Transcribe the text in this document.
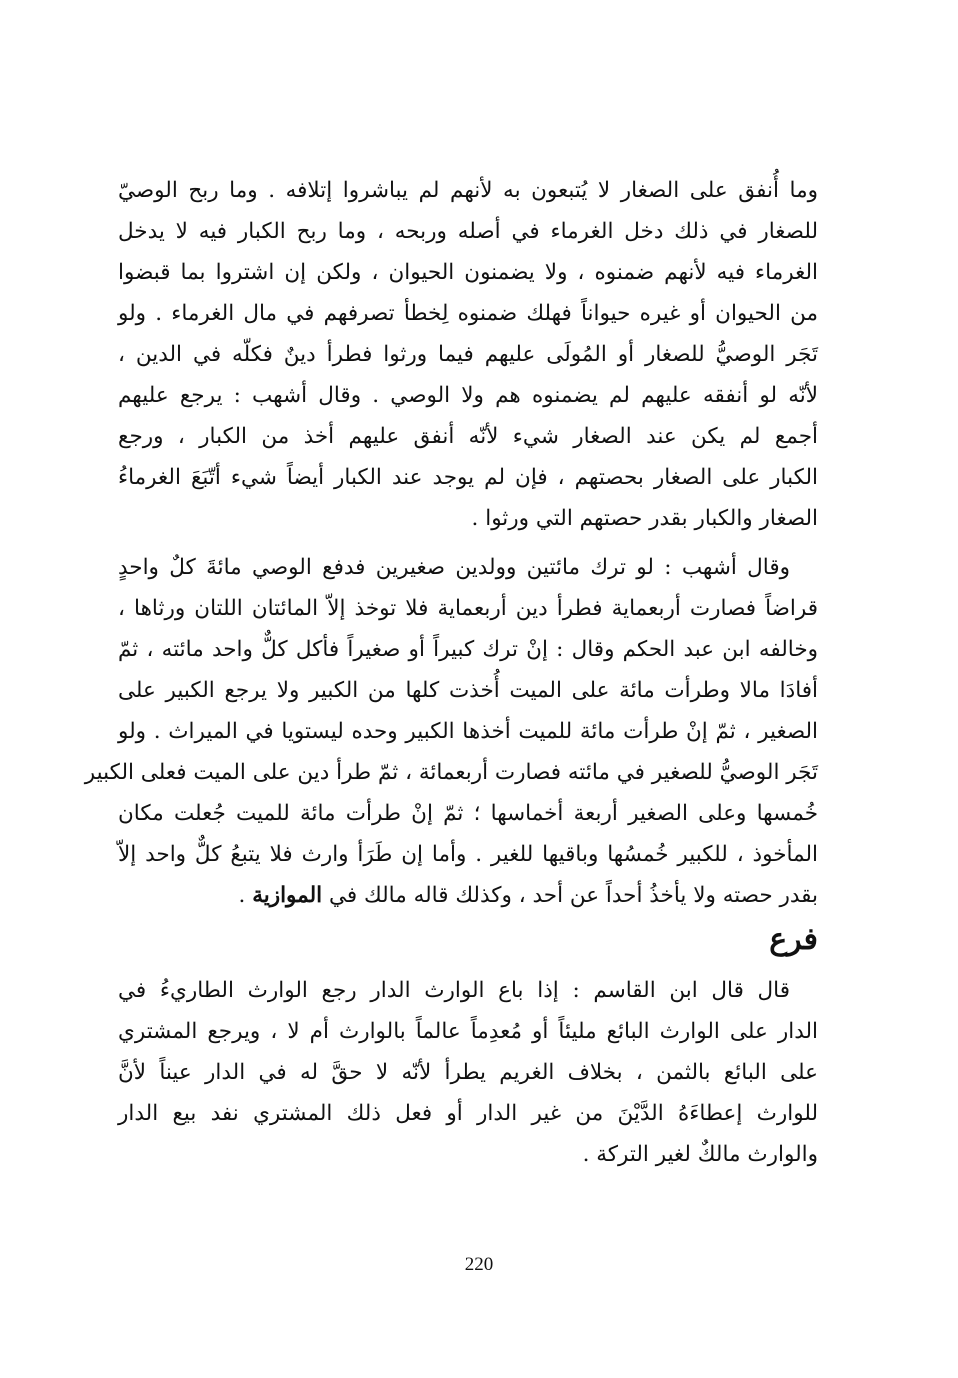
وما أُنفق على الصغار لا يُتبعون به لأنهم لم يباشروا إتلافه . وما ربح الوصيّ
للصغار في ذلك دخل الغرماء في أصله وربحه ، وما ربح الكبار فيه لا يدخل
الغرماء فيه لأنهم ضمنوه ، ولا يضمنون الحيوان ، ولكن إن اشتروا بما قبضوا
من الحيوان أو غيره حيواناً فهلك ضمنوه لِخطأ تصرفهم في مال الغرماء . ولو
تَجَر الوصيُّ للصغار أو المُولَى عليهم فيما ورثوا فطرأ دينٌ فكلّه في الدين ،
لأنّه لو أنفقه عليهم لم يضمنوه هم ولا الوصي . وقال أشهب : يرجع عليهم
أجمع لم يكن عند الصغار شيء لأنّه أنفق عليهم أخذ من الكبار ، ورجع
الكبار على الصغار بحصتهم ، فإن لم يوجد عند الكبار أيضاً شيء أتّبَعَ الغرماءُ
الصغار والكبار بقدر حصتهم التي ورثوا .
وقال أشهب : لو ترك مائتين وولدين صغيرين فدفع الوصي مائةَ كلٌ واحدٍ
قراضاً فصارت أربعماية فطرأ دين أربعماية فلا توخذ إلاّ المائتان اللتان ورثاها ،
وخالفه ابن عبد الحكم وقال : إنْ ترك كبيراً أو صغيراً فأكل كلٌّ واحد مائته ، ثمّ
أفادَا مالا وطرأت مائة على الميت أُخذت كلها من الكبير ولا يرجع الكبير على
الصغير ، ثمّ إنْ طرأت مائة للميت أخذها الكبير وحده ليستويا في الميراث . ولو
تَجَر الوصيُّ للصغير في مائته فصارت أربعمائة ، ثمّ طرأ دين على الميت فعلى الكبير
خُمسها وعلى الصغير أربعة أخماسها ؛ ثمّ إنْ طرأت مائة للميت جُعلت مكان
المأخوذ ، للكبير خُمسُها وباقيها للغير . وأما إن طَرَأ وارث فلا يتبعُ كلٌّ واحد إلاّ
بقدر حصته ولا يأخذُ أحداً عن أحد ، وكذلك قاله مالك في الموازية .
فرع
قال قال ابن القاسم : إذا باع الوارث الدار رجع الوارث الطاريءُ في
الدار على الوارث البائع مليئاً أو مُعدِماً عالماً بالوارث أم لا ، ويرجع المشتري
على البائع بالثمن ، بخلاف الغريم يطرأ لأنّه لا حقَّ له في الدار عيناً لأنَّ
للوارث إعطاءَهُ الدَّيْنَ من غير الدار أو فعل ذلك المشتري نفد بيع الدار
والوارث مالكٌ لغير التركة .
220
